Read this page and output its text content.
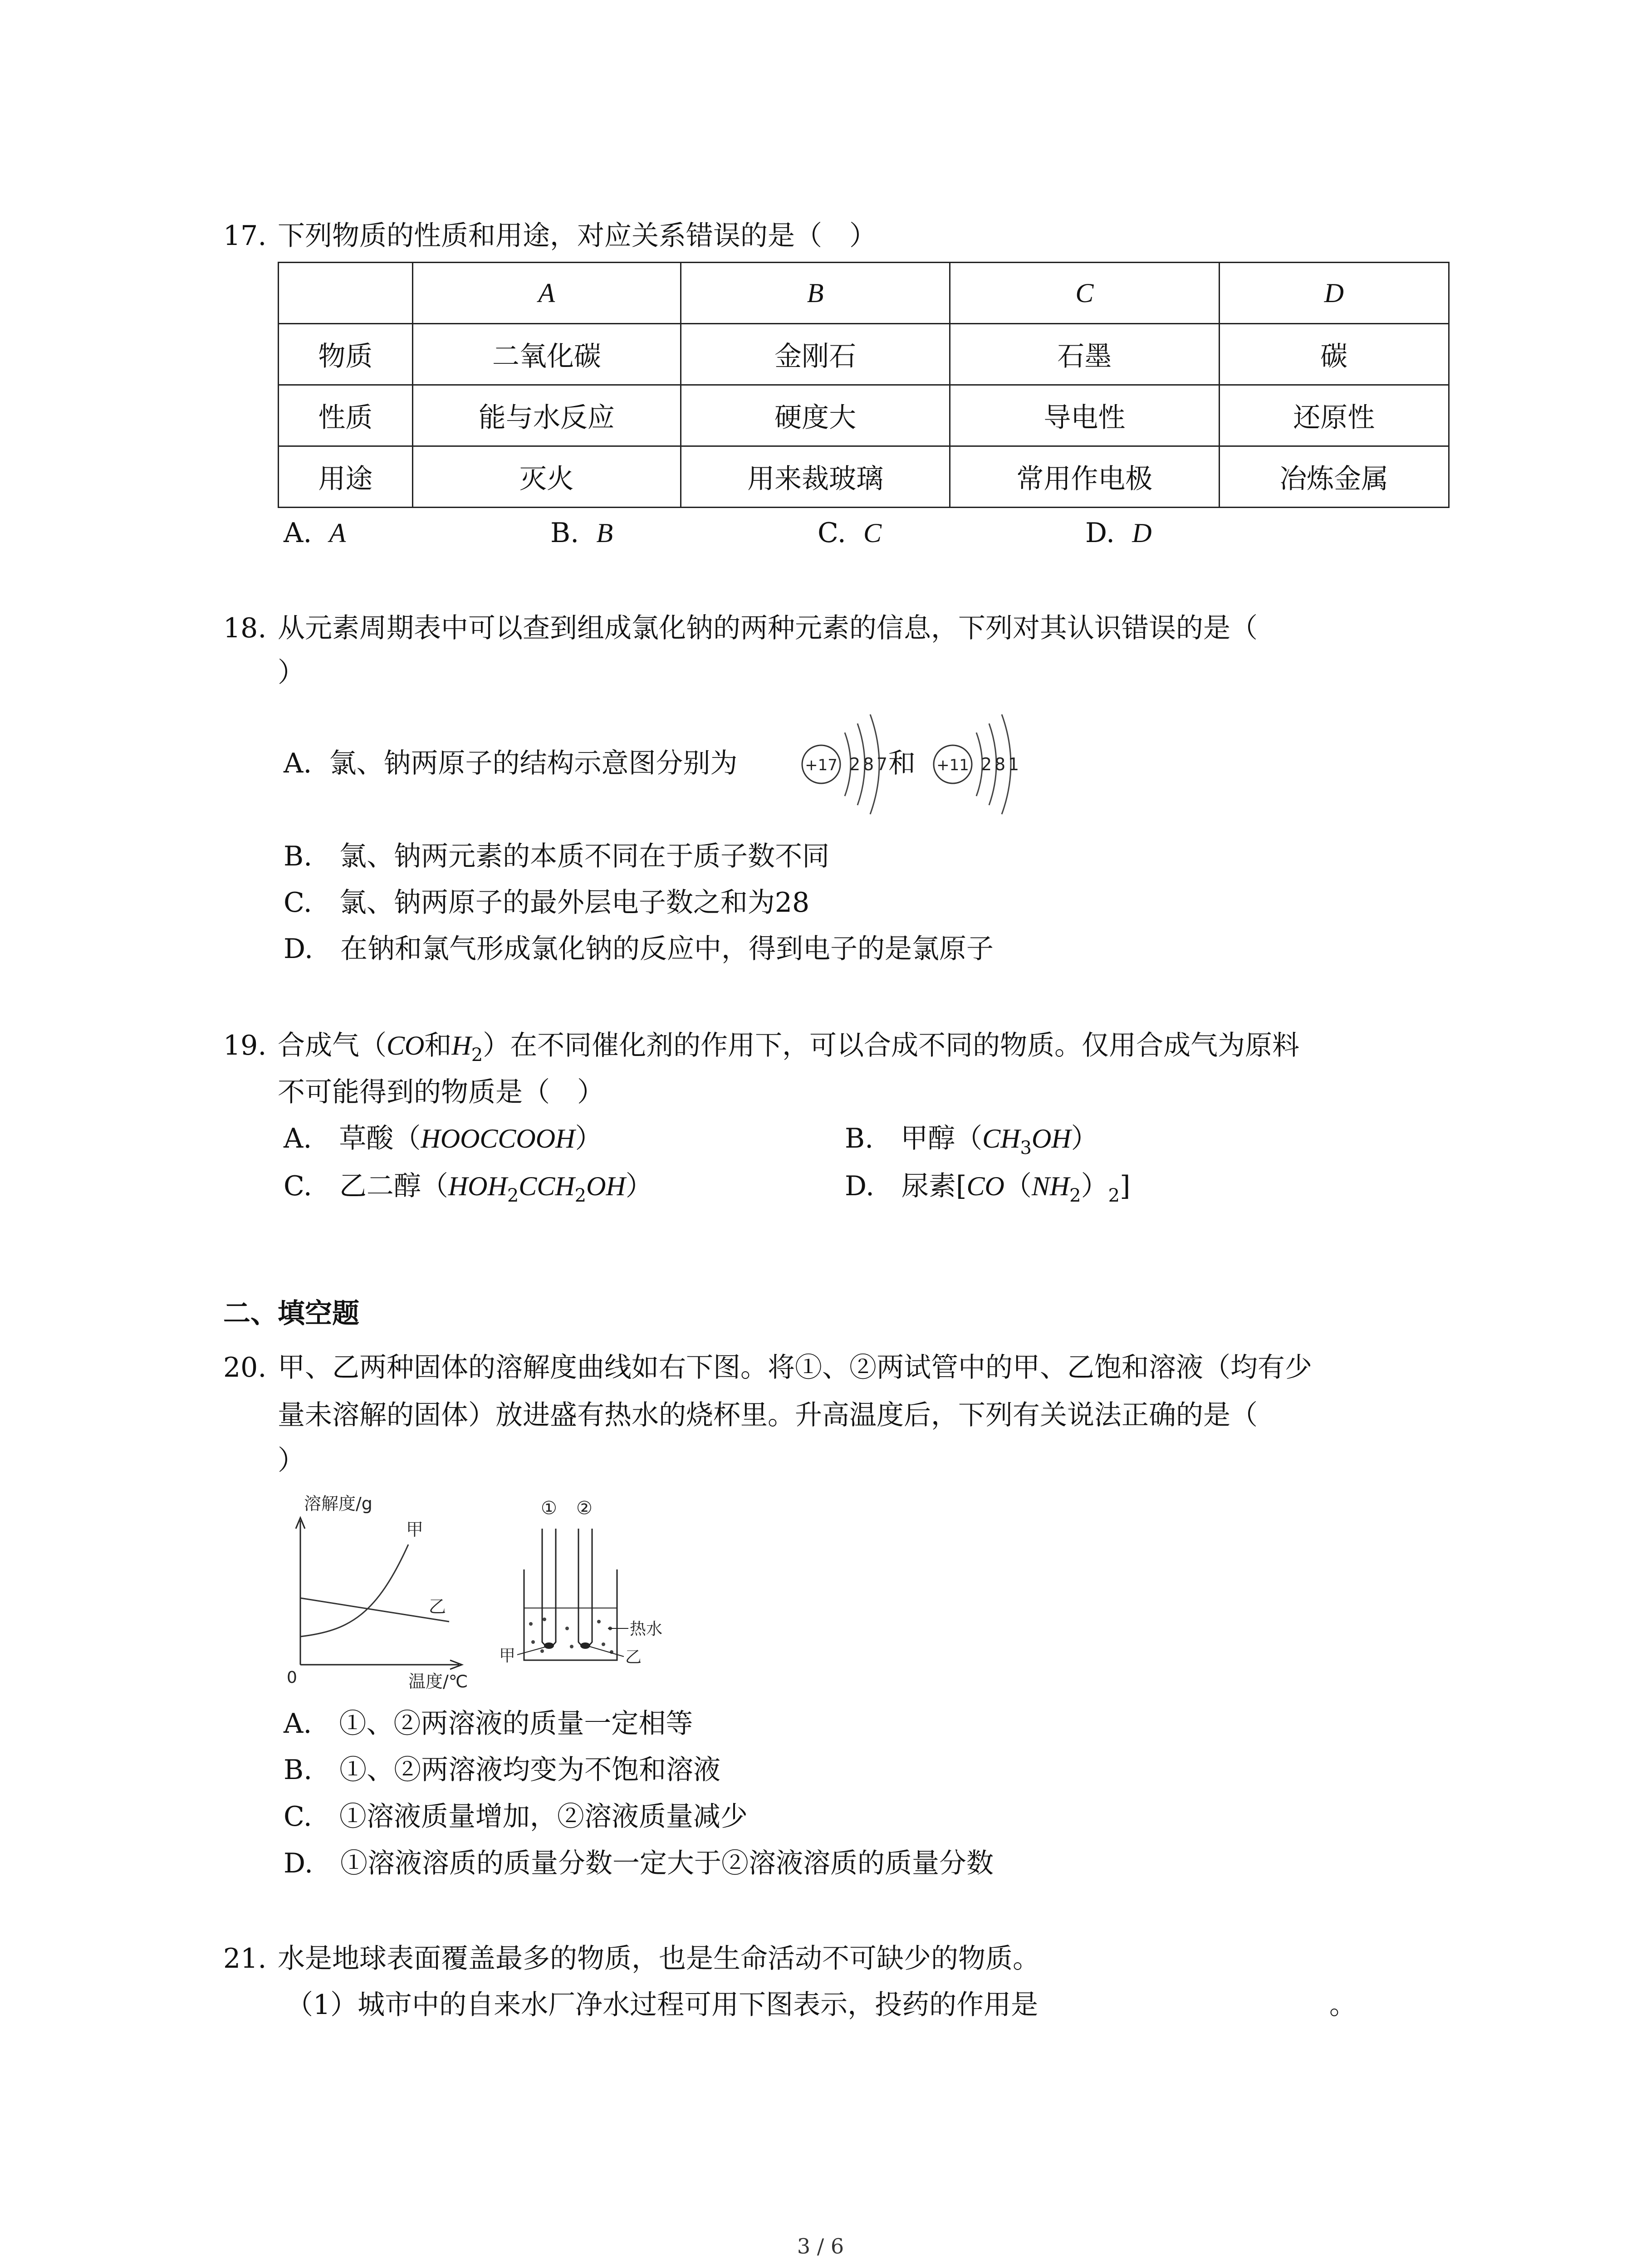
17. 下列物质的性质和用途，对应关系错误的是（　）
	A	B	C	D
物质	二氧化碳	金刚石	石墨	碳
性质	能与水反应	硬度大	导电性	还原性
用途	灭火	用来裁玻璃	常用作电极	冶炼金属
A. A	B. B	C. C	D. D
18. 从元素周期表中可以查到组成氯化钠的两种元素的信息，下列对其认识错误的是（
）
A. 氯、钠两原子的结构示意图分别为	+17 2 8 7 和 +11 2 8 1
B.　氯、钠两元素的本质不同在于质子数不同
C.　氯、钠两原子的最外层电子数之和为28
D.　在钠和氯气形成氯化钠的反应中，得到电子的是氯原子
19. 合成气（CO和$H_2$）在不同催化剂的作用下，可以合成不同的物质。仅用合成气为原料
不可能得到的物质是（　）
A.　草酸（HOOCCOOH）	B.　甲醇$(CH_3OH)$
C.　乙二醇$(HOH_2CCH_2OH)$	D.　尿素$[CO(NH_2)_2]$
二、填空题
20. 甲、乙两种固体的溶解度曲线如右下图。将①、②两试管中的甲、乙饱和溶液（均有少
量未溶解的固体）放进盛有热水的烧杯里。升高温度后，下列有关说法正确的是（
）
溶解度/g
甲
乙
0	温度/℃
① ②
热水
甲	乙
A.　①、②两溶液的质量一定相等
B.　①、②两溶液均变为不饱和溶液
C.　①溶液质量增加，②溶液质量减少
D.　①溶液溶质的质量分数一定大于②溶液溶质的质量分数
21. 水是地球表面覆盖最多的物质，也是生命活动不可缺少的物质。
（1）城市中的自来水厂净水过程可用下图表示，投药的作用是	。
3 / 6
